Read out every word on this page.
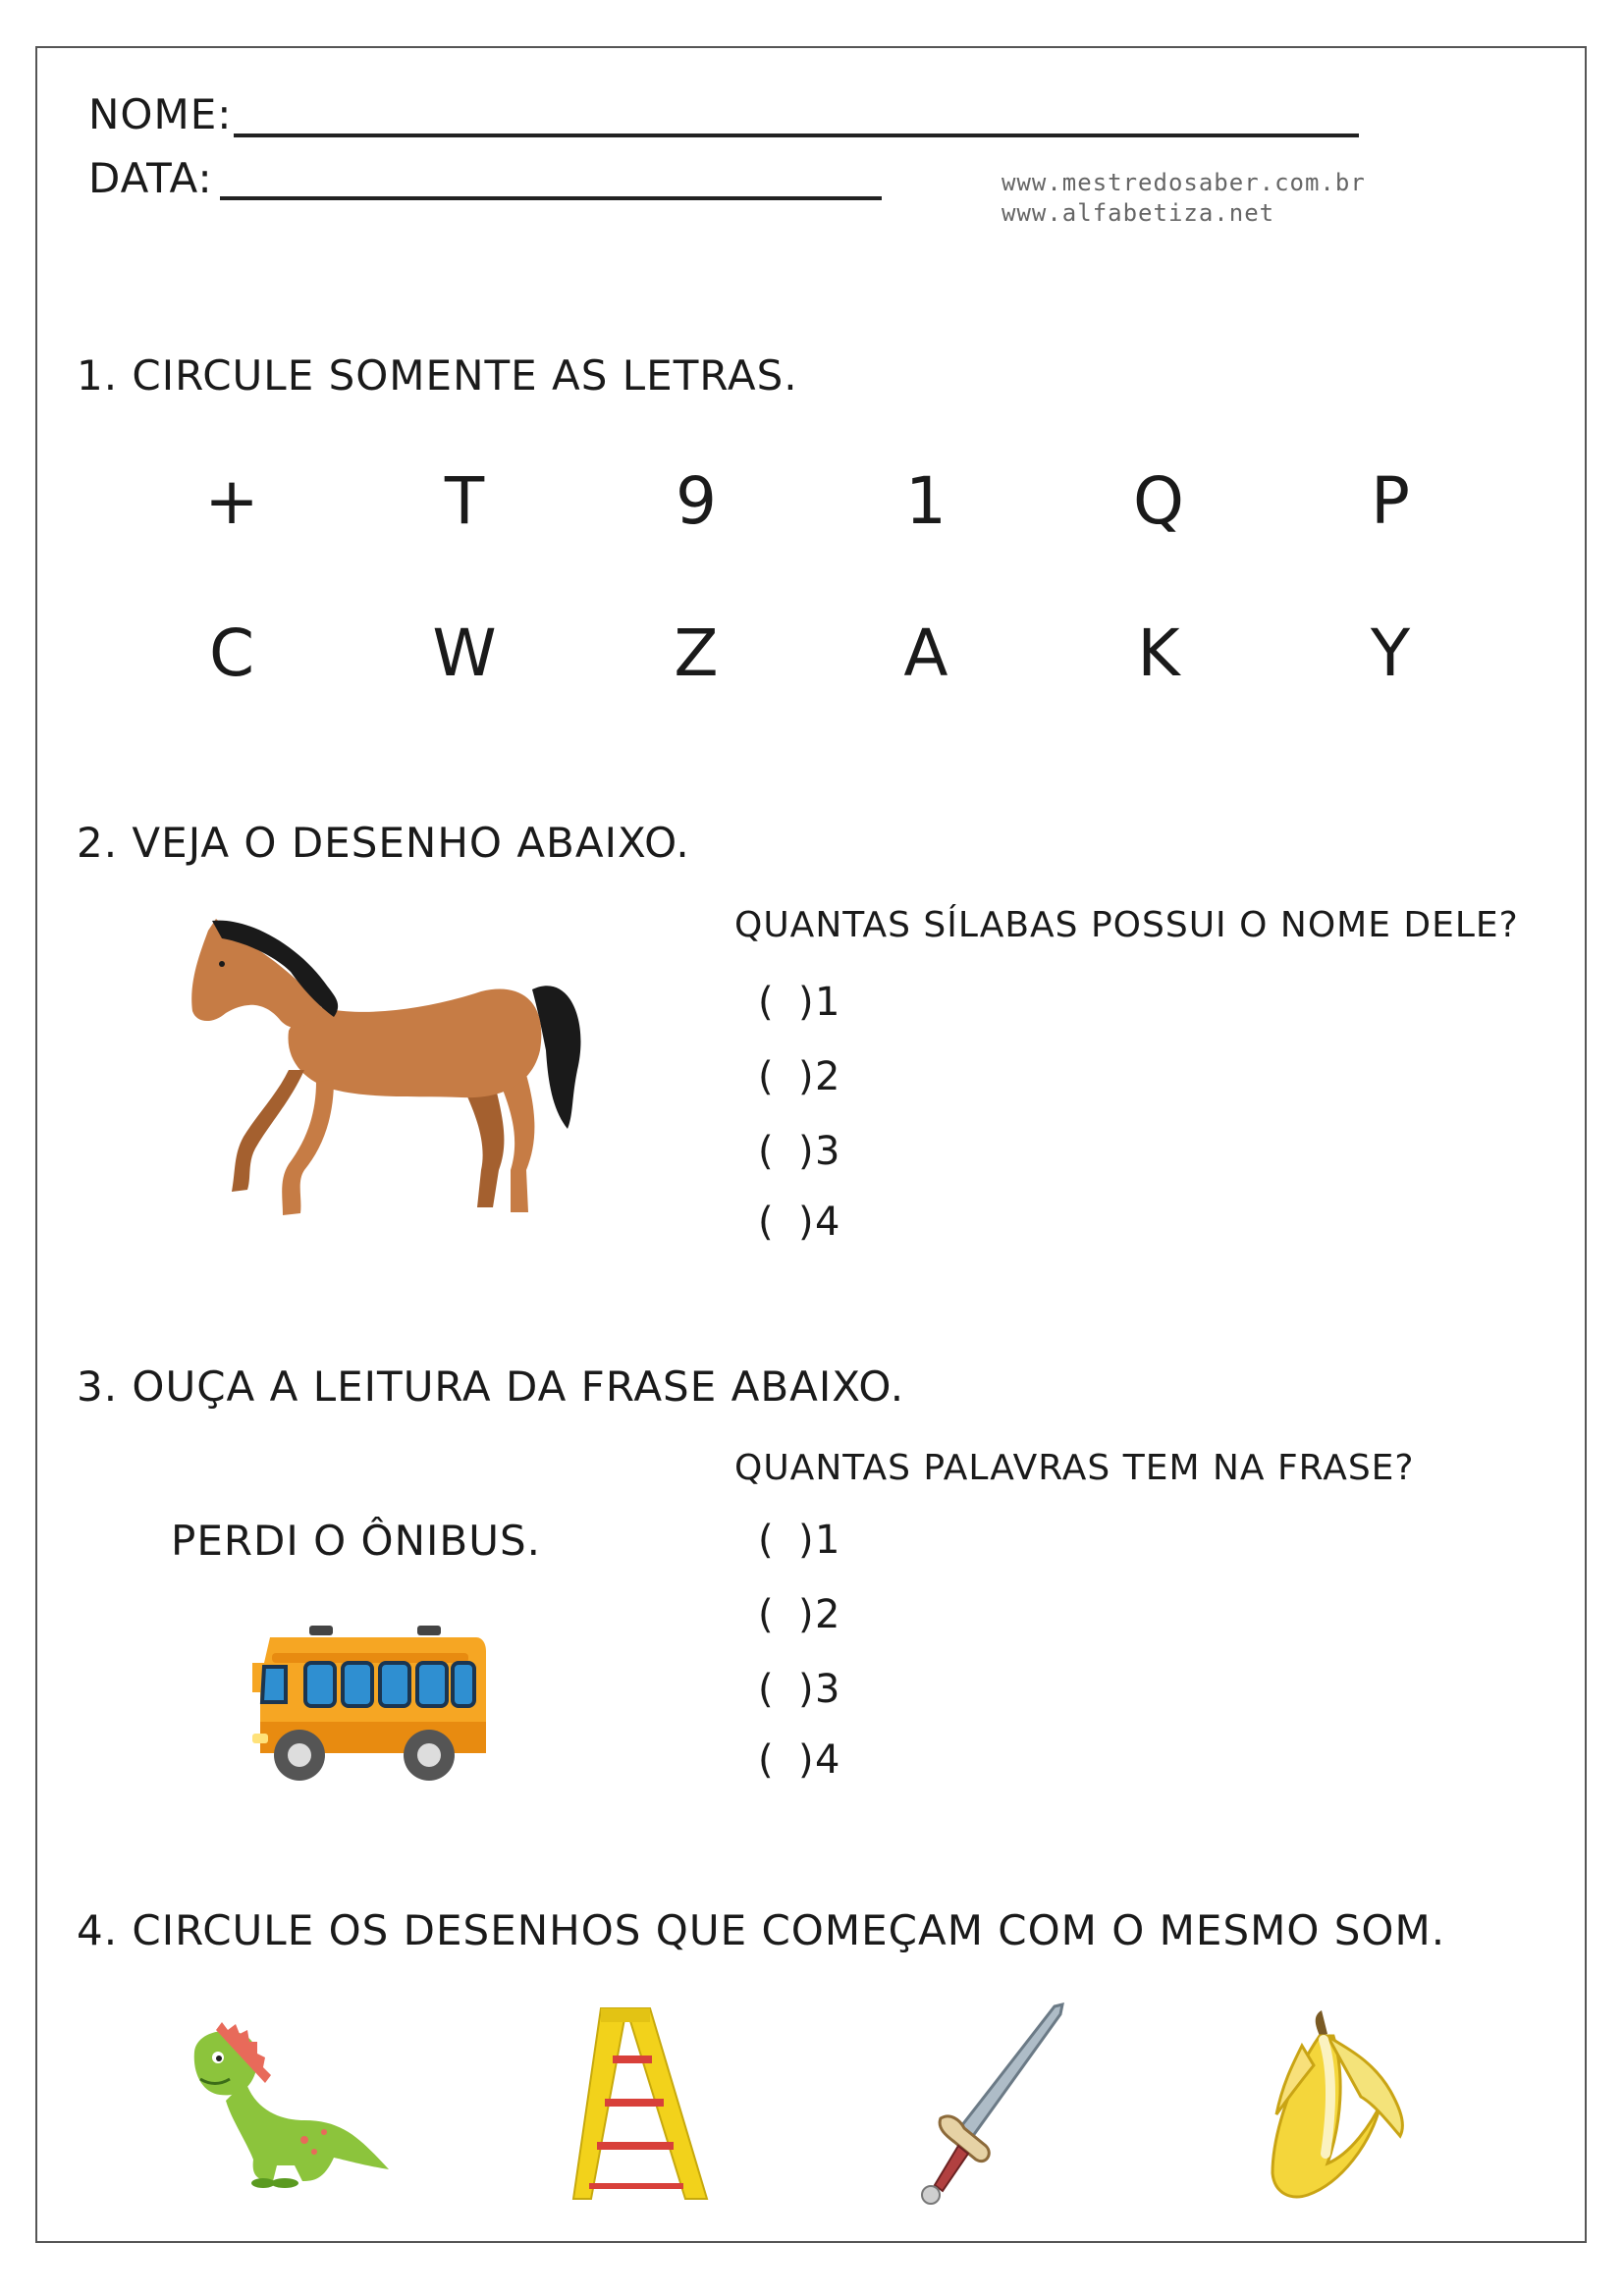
NOME:
DATA:	www.mestredosaber.com.br
www.alfabetiza.net
1. CIRCULE SOMENTE AS LETRAS.
+	T	9	1	Q	P
C	W	Z	A	K	Y
2. VEJA O DESENHO ABAIXO.
QUANTAS SÍLABAS POSSUI O NOME DELE?
(  )1
(  )2
(  )3
(  )4
3. OUÇA A LEITURA DA FRASE ABAIXO.
QUANTAS PALAVRAS TEM NA FRASE?
PERDI O ÔNIBUS.	(  )1
(  )2
(  )3
(  )4
4. CIRCULE OS DESENHOS QUE COMEÇAM COM O MESMO SOM.
